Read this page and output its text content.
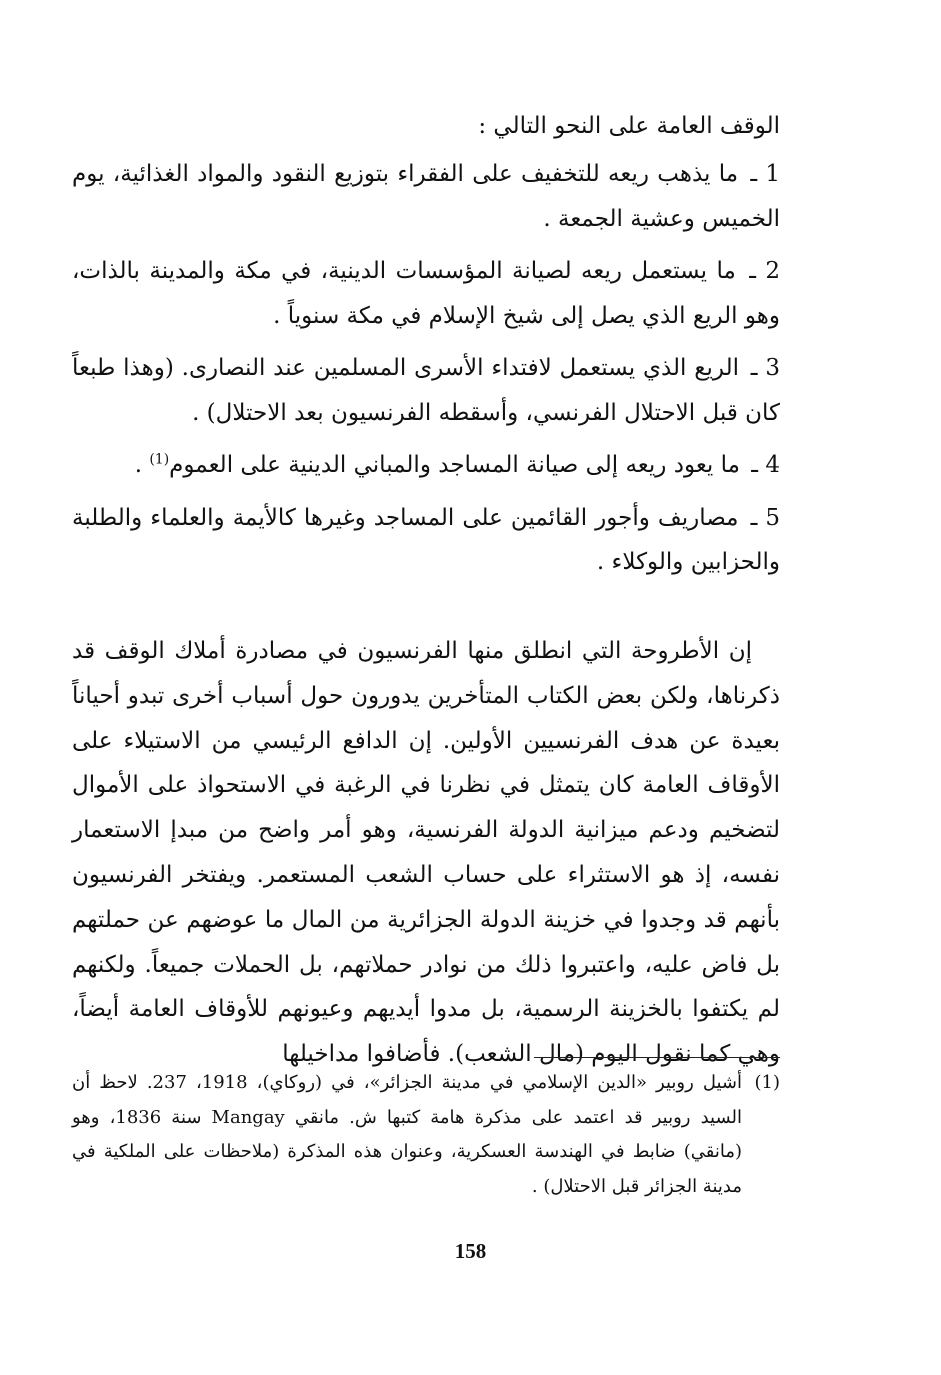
الوقف العامة على النحو التالي :

1 ـ ما يذهب ريعه للتخفيف على الفقراء بتوزيع النقود والمواد الغذائية، يوم الخميس وعشية الجمعة .
2 ـ ما يستعمل ريعه لصيانة المؤسسات الدينية، في مكة والمدينة بالذات، وهو الريع الذي يصل إلى شيخ الإسلام في مكة سنوياً .
3 ـ الريع الذي يستعمل لافتداء الأسرى المسلمين عند النصارى. (وهذا طبعاً كان قبل الاحتلال الفرنسي، وأسقطه الفرنسيون بعد الاحتلال) .
4 ـ ما يعود ريعه إلى صيانة المساجد والمباني الدينية على العموم$^{(1)}$ .
5 ـ مصاريف وأجور القائمين على المساجد وغيرها كالأيمة والعلماء والطلبة والحزابين والوكلاء .

إن الأطروحة التي انطلق منها الفرنسيون في مصادرة أملاك الوقف قد ذكرناها، ولكن بعض الكتاب المتأخرين يدورون حول أسباب أخرى تبدو أحياناً بعيدة عن هدف الفرنسيين الأولين. إن الدافع الرئيسي من الاستيلاء على الأوقاف العامة كان يتمثل في نظرنا في الرغبة في الاستحواذ على الأموال لتضخيم ودعم ميزانية الدولة الفرنسية، وهو أمر واضح من مبدإ الاستعمار نفسه، إذ هو الاستثراء على حساب الشعب المستعمر. ويفتخر الفرنسيون بأنهم قد وجدوا في خزينة الدولة الجزائرية من المال ما عوضهم عن حملتهم بل فاض عليه، واعتبروا ذلك من نوادر حملاتهم، بل الحملات جميعاً. ولكنهم لم يكتفوا بالخزينة الرسمية، بل مدوا أيديهم وعيونهم للأوقاف العامة أيضاً، وهي كما نقول اليوم (مال الشعب). فأضافوا مداخيلها

(1)
أشيل روبير «الدين الإسلامي في مدينة الجزائر»، في (روكاي)، 1918، 237. لاحظ أن السيد روبير قد اعتمد على مذكرة هامة كتبها ش. مانقي Mangay سنة 1836، وهو (مانقي) ضابط في الهندسة العسكرية، وعنوان هذه المذكرة (ملاحظات على الملكية في مدينة الجزائر قبل الاحتلال) .
158
